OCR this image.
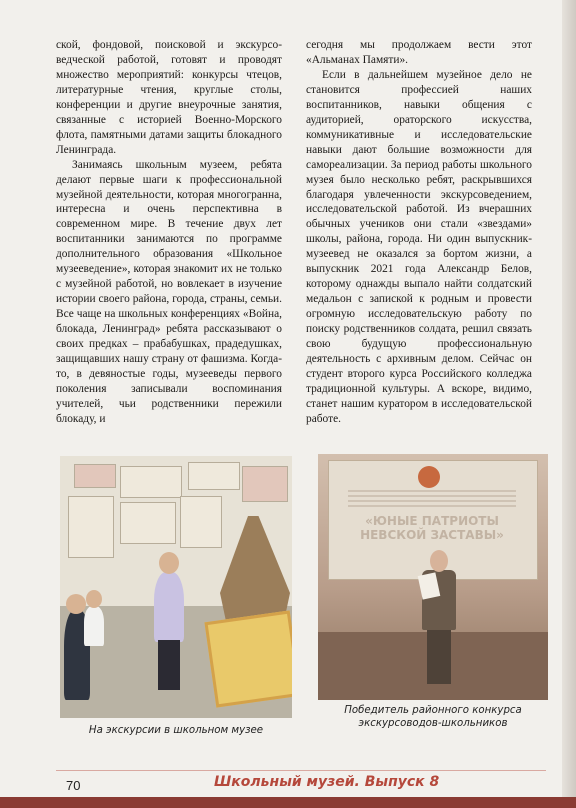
ской, фондовой, поисковой и экскурсо-ведческой работой, готовят и проводят множество мероприятий: конкурсы чтецов, литературные чтения, круглые столы, конференции и другие внеурочные занятия, связанные с историей Военно-Морского флота, памятными датами защиты блокадного Ленинграда.

Занимаясь школьным музеем, ребята делают первые шаги к профессиональной музейной деятельности, которая многогранна, интересна и очень перспективна в современном мире. В течение двух лет воспитанники занимаются по программе дополнительного образования «Школьное музееведение», которая знакомит их не только с музейной работой, но вовлекает в изучение истории своего района, города, страны, семьи. Все чаще на школьных конференциях «Война, блокада, Ленинград» ребята рассказывают о своих предках – прабабушках, прадедушках, защищавших нашу страну от фашизма. Когда-то, в девяностые годы, музееведы первого поколения записывали воспоминания учителей, чьи родственники пережили блокаду, и

сегодня мы продолжаем вести этот «Альманах Памяти».

Если в дальнейшем музейное дело не становится профессией наших воспитанников, навыки общения с аудиторией, ораторского искусства, коммуникативные и исследовательские навыки дают большие возможности для самореализации. За период работы школьного музея было несколько ребят, раскрывшихся благодаря увлеченности экскурсоведением, исследовательской работой. Из вчерашних обычных учеников они стали «звездами» школы, района, города. Ни один выпускник-музеевед не оказался за бортом жизни, а выпускник 2021 года Александр Белов, которому однажды выпало найти солдатский медальон с запиской к родным и провести огромную исследовательскую работу по поиску родственников солдата, решил связать свою будущую профессиональную деятельность с архивным делом. Сейчас он студент второго курса Российского колледжа традиционной культуры. А вскоре, видимо, станет нашим куратором в исследовательской работе.

На экскурсии в школьном музее
«ЮНЫЕ ПАТРИОТЫ НЕВСКОЙ ЗАСТАВЫ»
Победитель районного конкурса экскурсоводов-школьников
70	Школьный музей. Выпуск 8
